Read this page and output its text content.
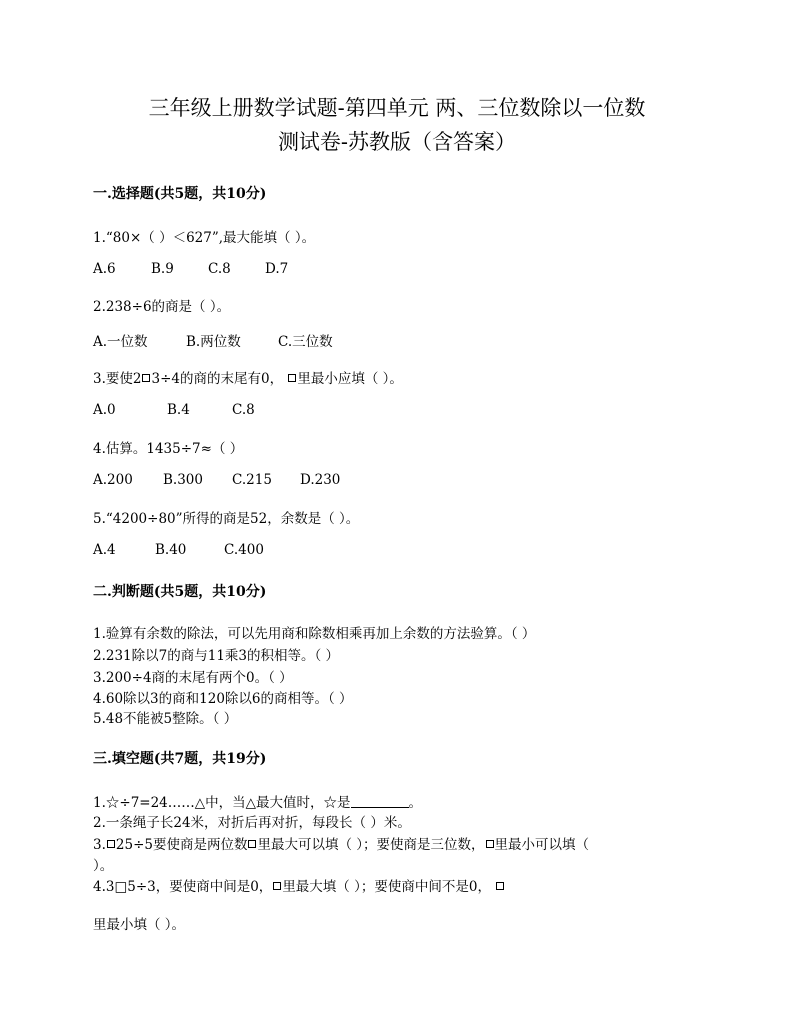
三年级上册数学试题-第四单元 两、三位数除以一位数
测试卷-苏教版（含答案）
一.选择题(共5题，共10分)
1.“80×（ ）＜627”,最大能填（ ）。
A.6	B.9	C.8	D.7
2.238÷6的商是（ ）。
A.一位数	B.两位数	C.三位数
3.要使2 3÷4的商的末尾有0， 里最小应填（ ）。
A.0	B.4	C.8
4.估算。1435÷7≈（ ）
A.200 B.300 C.215 D.230
5.“4200÷80”所得的商是52，余数是（ ）。
A.4	B.40	C.400
二.判断题(共5题，共10分)
1.验算有余数的除法，可以先用商和除数相乘再加上余数的方法验算。（ ）
2.231除以7的商与11乘3的积相等。（ ）
3.200÷4商的末尾有两个0。（ ）
4.60除以3的商和120除以6的商相等。（ ）
5.48不能被5整除。（ ）
三.填空题(共7题，共19分)
1.☆÷7=24……△中，当△最大值时，☆是	。
2.一条绳子长24米，对折后再对折，每段长（ ）米。
3. 25÷5要使商是两位数 里最大可以填（ ）；要使商是三位数， 里最小可以填（
）。
4.3□5÷3，要使商中间是0， 里最大填（ ）；要使商中间不是0，
里最小填（ ）。
